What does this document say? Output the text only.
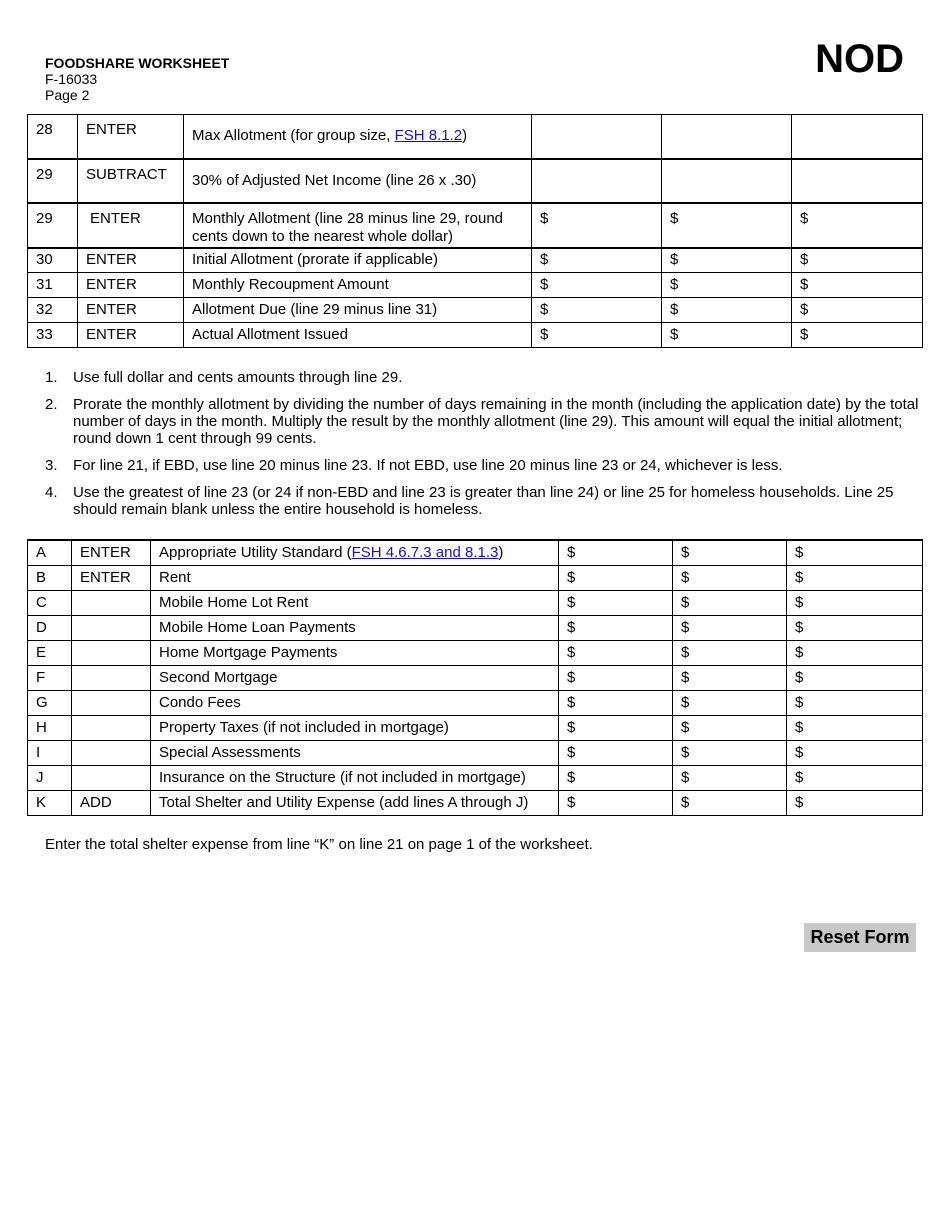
FOODSHARE WORKSHEET
F-16033
Page 2
NOD
28	ENTER	Max Allotment (for group size, FSH 8.1.2)			
29	SUBTRACT	30% of Adjusted Net Income (line 26 x .30)			
29	ENTER	Monthly Allotment (line 28 minus line 29, round cents down to the nearest whole dollar)	$	$	$
30	ENTER	Initial Allotment (prorate if applicable)	$	$	$
31	ENTER	Monthly Recoupment Amount	$	$	$
32	ENTER	Allotment Due (line 29 minus line 31)	$	$	$
33	ENTER	Actual Allotment Issued	$	$	$
1. Use full dollar and cents amounts through line 29.
2. Prorate the monthly allotment by dividing the number of days remaining in the month (including the application date) by the total number of days in the month. Multiply the result by the monthly allotment (line 29). This amount will equal the initial allotment; round down 1 cent through 99 cents.
3. For line 21, if EBD, use line 20 minus line 23. If not EBD, use line 20 minus line 23 or 24, whichever is less.
4. Use the greatest of line 23 (or 24 if non-EBD and line 23 is greater than line 24) or line 25 for homeless households. Line 25 should remain blank unless the entire household is homeless.
A	ENTER	Appropriate Utility Standard (FSH 4.6.7.3 and 8.1.3)	$	$	$
B	ENTER	Rent	$	$	$
C		Mobile Home Lot Rent	$	$	$
D		Mobile Home Loan Payments	$	$	$
E		Home Mortgage Payments	$	$	$
F		Second Mortgage	$	$	$
G		Condo Fees	$	$	$
H		Property Taxes (if not included in mortgage)	$	$	$
I		Special Assessments	$	$	$
J		Insurance on the Structure (if not included in mortgage)	$	$	$
K	ADD	Total Shelter and Utility Expense (add lines A through J)	$	$	$
Enter the total shelter expense from line “K” on line 21 on page 1 of the worksheet.
Reset Form
